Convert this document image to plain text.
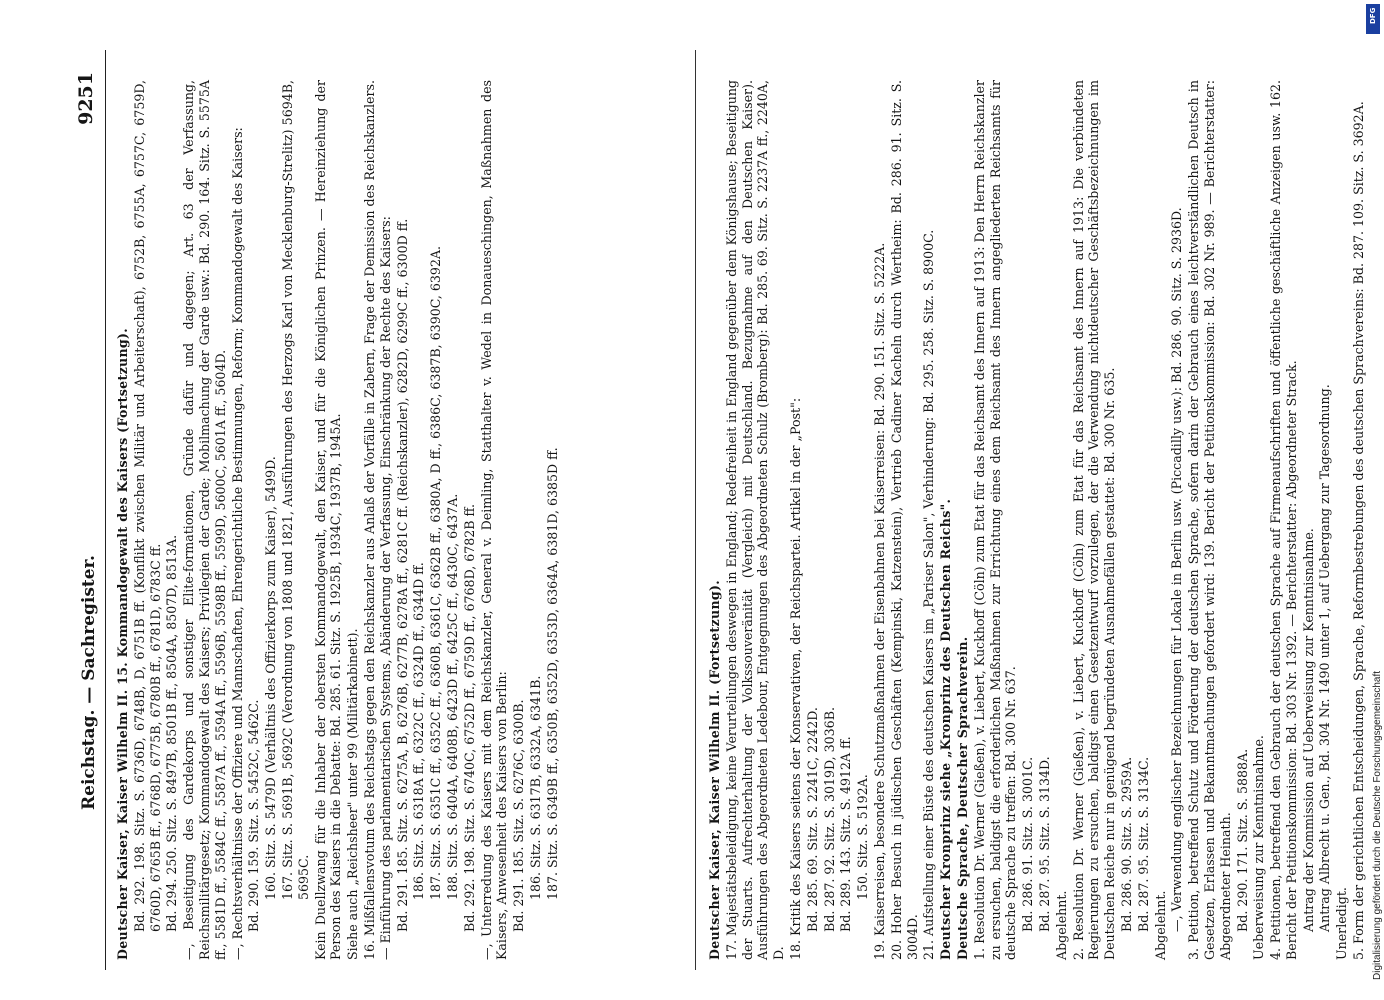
Reichstag. — Sachregister.
9251

Deutscher Kaiser, Kaiser Wilhelm II. 15. Kommandogewalt des Kaisers (Fortsetzung). Bd. 292. 198. Sitz. S. 6736D, 6748B, D, 6751B ff. (Konflikt zwischen Militär und Arbeiterschaft), 6752B, 6755A, 6757C, 6759D, 6760D, 6765B ff., 6768D, 6775B, 6780B ff., 6781D, 6783C ff. Bd. 294. 250. Sitz. S. 8497B, 8501B ff., 8504A, 8507D, 8513A. —, Beseitigung des Gardekorps und sonstiger Elite-formationen, Gründe dafür und dagegen; Art. 63 der Verfassung, Reichsmilitärgesetz; Kommandogewalt des Kaisers; Privilegien der Garde; Mobilmachung der Garde usw.: Bd. 290. 164. Sitz. S. 5575A ff., 5581D ff., 5584C ff., 5587A ff., 5594A ff., 5596B, 5598B ff., 5599D, 5600C, 5601A ff., 5604D. —, Rechtsverhältnisse der Offiziere und Mannschaften, Ehrengerichtliche Bestimmungen, Reform; Kommandogewalt des Kaisers: Bd. 290. 159. Sitz. S. 5452C, 5462C. 160. Sitz. S. 5479D (Verhältnis des Offizierkorps zum Kaiser), 5499D. 167. Sitz. S. 5691B, 5692C (Verordnung von 1808 und 1821, Ausführungen des Herzogs Karl von Mecklenburg-Strelitz) 5694B, 5695C. Kein Duellzwang für die Inhaber der obersten Kommandogewalt, den Kaiser, und für die Königlichen Prinzen. — Hereinziehung der Person des Kaisers in die Debatte: Bd. 285. 61. Sitz. S. 1925B, 1934C, 1937B, 1945A. Siehe auch „Reichsheer" unter 99 (Militärkabinett). 16. Mißfallensvotum des Reichstags gegen den Reichskanzler aus Anlaß der Vorfälle in Zabern, Frage der Demission des Reichskanzlers. — Einführung des parlamentarischen Systems, Abänderung der Verfassung, Einschränkung der Rechte des Kaisers: Bd. 291. 185. Sitz. S. 6275A, B, 6276B, 6277B, 6278A ff., 6281C ff. (Reichskanzler), 6282D, 6299C ff., 6300D ff. 186. Sitz. S. 6318A ff., 6322C ff., 6324D ff., 6344D ff. 187. Sitz. S. 6351C ff., 6352C ff., 6360B, 6361C, 6362B ff., 6380A, D ff., 6386C, 6387B, 6390C, 6392A. 188. Sitz. S. 6404A, 6408B, 6423D ff., 6425C ff., 6430C, 6437A. Bd. 292. 198. Sitz. S. 6740C, 6752D ff., 6759D ff., 6768D, 6782B ff. —, Unterredung des Kaisers mit dem Reichskanzler, General v. Deimling, Statthalter v. Wedel in Donaueschingen, Maßnahmen des Kaisers, Anwesenheit des Kaisers von Berlin: Bd. 291. 185. Sitz. S. 6276C, 6300B. 186. Sitz. S. 6317B, 6332A, 6341B. 187. Sitz. S. 6349B ff., 6350B, 6352D, 6353D, 6364A, 6381D, 6385D ff.	Deutscher Kaiser, Kaiser Wilhelm II. (Fortsetzung). 17. Majestätsbeleidigung, keine Verurteilungen deswegen in England; Redefreiheit in England gegenüber dem Königshause; Beseitigung der Stuarts. Aufrechterhaltung der Volkssouveränität (Vergleich) mit Deutschland. Bezugnahme auf den Deutschen Kaiser). Ausführungen des Abgeordneten Ledebour, Entgegnungen des Abgeordneten Schulz (Bromberg): Bd. 285. 69. Sitz. S. 2237A ff., 2240A, D. 18. Kritik des Kaisers seitens der Konservativen, der Reichspartei. Artikel in der „Post": Bd. 285. 69. Sitz. S. 2241C, 2242D. Bd. 287. 92. Sitz. S. 3019D, 3036B. Bd. 289. 143. Sitz. S. 4912A ff. 150. Sitz. S. 5192A. 19. Kaiserreisen, besondere Schutzmaßnahmen der Eisenbahnen bei Kaiserreisen: Bd. 290. 151. Sitz. S. 5222A. 20. Hoher Besuch in jüdischen Geschäften (Kempinski, Katzenstein), Vertrieb Cadiner Kacheln durch Wertheim: Bd. 286. 91. Sitz. S. 3004D. 21. Aufstellung einer Büste des deutschen Kaisers im „Pariser Salon", Verhinderung: Bd. 295. 258. Sitz. S. 8900C. Deutscher Kronprinz siehe „Kronprinz des Deutschen Reichs". Deutsche Sprache, Deutscher Sprachverein. 1. Resolution Dr. Werner (Gießen), v. Liebert, Kuckhoff (Cöln) zum Etat für das Reichsamt des Innern auf 1913: Den Herrn Reichskanzler zu ersuchen, baldigst die erforderlichen Maßnahmen zur Errichtung eines dem Reichsamt des Innern angegliederten Reichsamts für deutsche Sprache zu treffen: Bd. 300 Nr. 637. Bd. 286. 91. Sitz. S. 3001C. Bd. 287. 95. Sitz. S. 3134D. Abgelehnt. 2. Resolution Dr. Werner (Gießen), v. Liebert, Kuckhoff (Cöln) zum Etat für das Reichsamt des Innern auf 1913: Die verbündeten Regierungen zu ersuchen, baldigst einen Gesetzentwurf vorzulegen, der die Verwendung nichtdeutscher Geschäftsbezeichnungen im Deutschen Reiche nur in genügend begründeten Ausnahmefällen gestattet: Bd. 300 Nr. 635. Bd. 286. 90. Sitz. S. 2959A. Bd. 287. 95. Sitz. S. 3134C. Abgelehnt. —, Verwendung englischer Bezeichnungen für Lokale in Berlin usw. (Piccadilly usw.): Bd. 286. 90. Sitz. S. 2936D. 3. Petition, betreffend Schutz und Förderung der deutschen Sprache, sofern darin der Gebrauch eines leichtverständlichen Deutsch in Gesetzen, Erlassen und Bekanntmachungen gefordert wird: 139. Bericht der Petitionskommission: Bd. 302 Nr. 989. — Berichterstatter: Abgeordneter Heinath. Bd. 290. 171. Sitz. S. 5888A. Ueberweisung zur Kenntnisnahme. 4. Petitionen, betreffend den Gebrauch der deutschen Sprache auf Firmenaufschriften und öffentliche geschäftliche Anzeigen usw. 162. Bericht der Petitionskommission: Bd. 303 Nr. 1392. — Berichterstatter: Abgeordneter Strack. Antrag der Kommission auf Ueberweisung zur Kenntnisnahme. Antrag Albrecht u. Gen., Bd. 304 Nr. 1490 unter 1, auf Uebergang zur Tagesordnung. Unerledigt. 5. Form der gerichtlichen Entscheidungen, Sprache, Reformbestrebungen des deutschen Sprachvereins: Bd. 287. 109. Sitz. S. 3692A.

DFG
Digitalisierung gefördert durch die Deutsche Forschungsgemeinschaft
